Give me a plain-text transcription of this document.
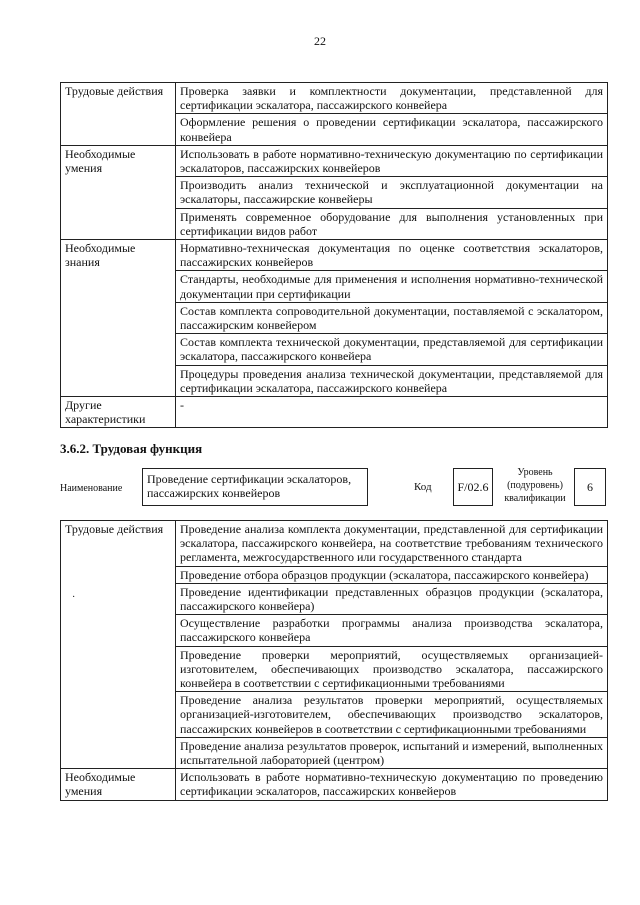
22
Трудовые действия	Проверка заявки и комплектности документации, представленной для сертификации эскалатора, пассажирского конвейера
	Оформление решения о проведении сертификации эскалатора, пассажирского конвейера
Необходимые умения	Использовать в работе нормативно-техническую документацию по сертификации эскалаторов, пассажирских конвейеров
	Производить анализ технической и эксплуатационной документации на эскалаторы, пассажирские конвейеры
	Применять современное оборудование для выполнения установленных при сертификации видов работ
Необходимые знания	Нормативно-техническая документация по оценке соответствия эскалаторов, пассажирских конвейеров
	Стандарты, необходимые для применения и исполнения нормативно-технической документации при сертификации
	Состав комплекта сопроводительной документации, поставляемой с эскалатором, пассажирским конвейером
	Состав комплекта технической документации, представляемой для сертификации эскалатора, пассажирского конвейера
	Процедуры проведения анализа технической документации, представляемой для сертификации эскалатора, пассажирского конвейера
Другие характеристики	-
3.6.2. Трудовая функция
Наименование
Проведение сертификации эскалаторов, пассажирских конвейеров	Код	F/02.6
Уровень (подуровень) квалификации
6
Трудовые действия	Проведение анализа комплекта документации, представленной для сертификации эскалатора, пассажирского конвейера, на соответствие требованиям технического регламента, межгосударственного или государственного стандарта
	Проведение отбора образцов продукции (эскалатора, пассажирского конвейера)
	Проведение идентификации представленных образцов продукции (эскалатора, пассажирского конвейера)
	Осуществление разработки программы анализа производства эскалатора, пассажирского конвейера
	Проведение проверки мероприятий, осуществляемых организацией-изготовителем, обеспечивающих производство эскалатора, пассажирского конвейера в соответствии с сертификационными требованиями
	Проведение анализа результатов проверки мероприятий, осуществляемых организацией-изготовителем, обеспечивающих производство эскалаторов, пассажирских конвейеров в соответствии с сертификационными требованиями
	Проведение анализа результатов проверок, испытаний и измерений, выполненных испытательной лабораторией (центром)
Необходимые умения	Использовать в работе нормативно-техническую документацию по проведению сертификации эскалаторов, пассажирских конвейеров
·
